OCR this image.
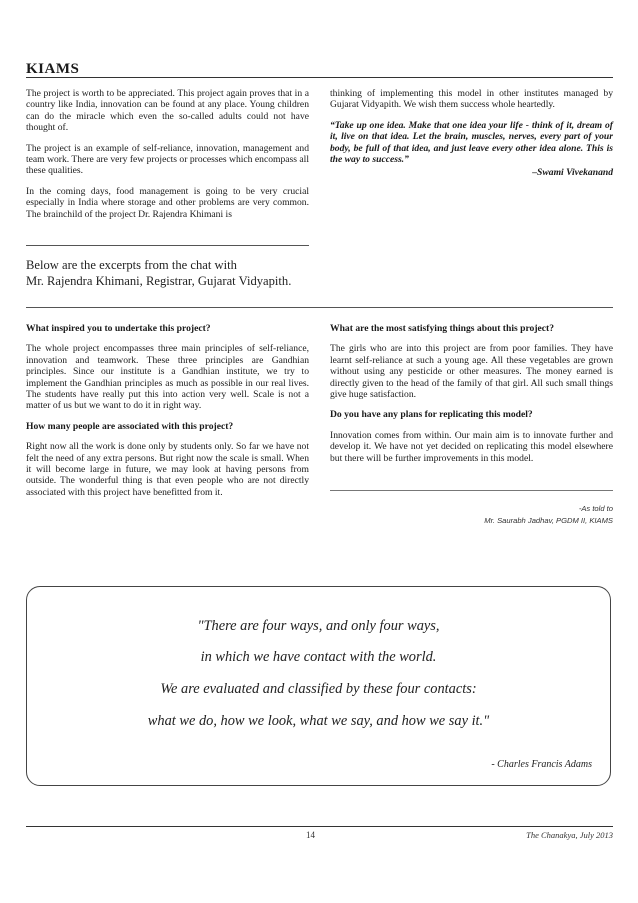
KIAMS

The project is worth to be appreciated. This project again proves that in a country like India, innovation can be found at any place. Young children can do the miracle which even the so-called adults could not have thought of.

The project is an example of self-reliance, innovation, management and team work. There are very few projects or processes which encompass all these qualities.

In the coming days, food management is going to be very crucial especially in India where storage and other problems are very common. The brainchild of the project Dr. Rajendra Khimani is

thinking of implementing this model in other institutes managed by Gujarat Vidyapith. We wish them success whole heartedly.

“Take up one idea. Make that one idea your life - think of it, dream of it, live on that idea. Let the brain, muscles, nerves, every part of your body, be full of that idea, and just leave every other idea alone. This is the way to success.”

–Swami Vivekanand

Below are the excerpts from the chat with
Mr. Rajendra Khimani, Registrar, Gujarat Vidyapith.

What inspired you to undertake this project?

The whole project encompasses three main principles of self-reliance, innovation and teamwork. These three principles are Gandhian principles. Since our institute is a Gandhian institute, we try to implement the Gandhian principles as much as possible in our real lives. The students have really put this into action very well. Scale is not a matter of us but we want to do it in right way.

How many people are associated with this project?

Right now all the work is done only by students only. So far we have not felt the need of any extra persons. But right now the scale is small. When it will become large in future, we may look at having persons from outside. The wonderful thing is that even people who are not directly associated with this project have benefitted from it.

What are the most satisfying things about this project?

The girls who are into this project are from poor families. They have learnt self-reliance at such a young age. All these vegetables are grown without using any pesticide or other measures. The money earned is directly given to the head of the family of that girl. All such small things give huge satisfaction.

Do you have any plans for replicating this model?

Innovation comes from within. Our main aim is to innovate further and develop it. We have not yet decided on replicating this model elsewhere but there will be further improvements in this model.

-As told to
Mr. Saurabh Jadhav, PGDM II, KIAMS
"There are four ways, and only four ways,
in which we have contact with the world.
We are evaluated and classified by these four contacts:
what we do, how we look, what we say, and how we say it."
- Charles Francis Adams
14	The Chanakya, July 2013
